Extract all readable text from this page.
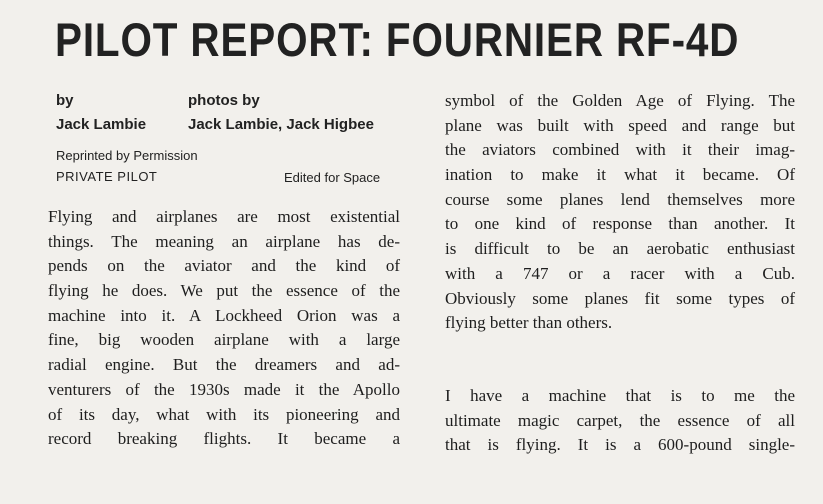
PILOT REPORT: FOURNIER RF-4D
by
Jack Lambie
photos by
Jack Lambie, Jack Higbee
Reprinted by Permission
PRIVATE PILOT	Edited for Space
Flying and airplanes are most existential
things. The meaning an airplane has de-
pends on the aviator and the kind of
flying he does. We put the essence of the
machine into it. A Lockheed Orion was a
fine, big wooden airplane with a large
radial engine. But the dreamers and ad-
venturers of the 1930s made it the Apollo
of its day, what with its pioneering and
record breaking flights. It became a
symbol of the Golden Age of Flying. The
plane was built with speed and range but
the aviators combined with it their imag-
ination to make it what it became. Of
course some planes lend themselves more
to one kind of response than another. It
is difficult to be an aerobatic enthusiast
with a 747 or a racer with a Cub.
Obviously some planes fit some types of
flying better than others.
I have a machine that is to me the
ultimate magic carpet, the essence of all
that is flying. It is a 600-pound single-
